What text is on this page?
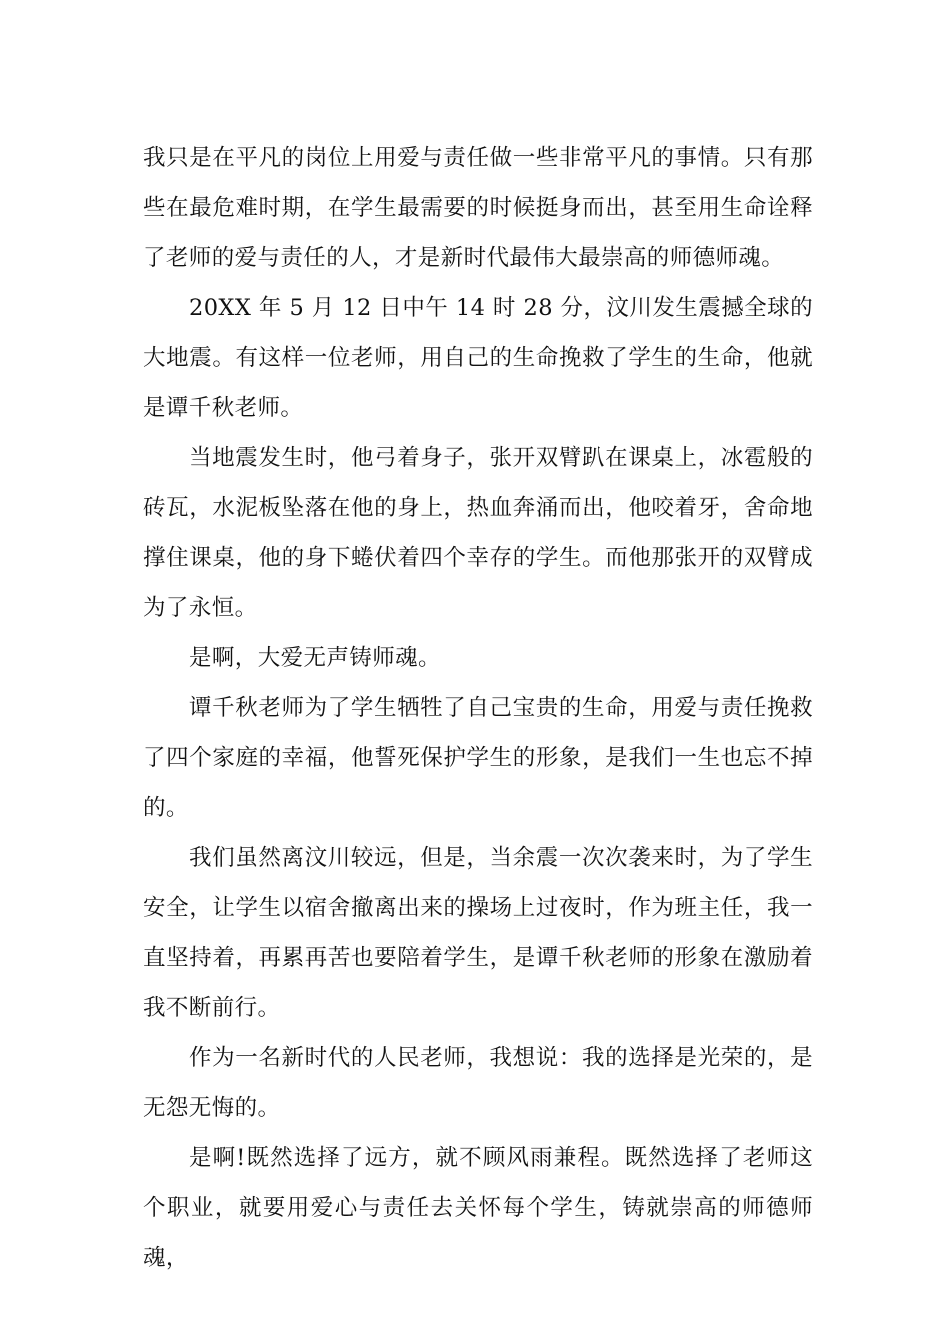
我只是在平凡的岗位上用爱与责任做一些非常平凡的事情。只有那些在最危难时期，在学生最需要的时候挺身而出，甚至用生命诠释了老师的爱与责任的人，才是新时代最伟大最崇高的师德师魂。

20XX 年 5 月 12 日中午 14 时 28 分，汶川发生震撼全球的大地震。有这样一位老师，用自己的生命挽救了学生的生命，他就是谭千秋老师。

当地震发生时，他弓着身子，张开双臂趴在课桌上，冰雹般的砖瓦，水泥板坠落在他的身上，热血奔涌而出，他咬着牙，舍命地撑住课桌，他的身下蜷伏着四个幸存的学生。而他那张开的双臂成为了永恒。

是啊，大爱无声铸师魂。

谭千秋老师为了学生牺牲了自己宝贵的生命，用爱与责任挽救了四个家庭的幸福，他誓死保护学生的形象，是我们一生也忘不掉的。

我们虽然离汶川较远，但是，当余震一次次袭来时，为了学生安全，让学生以宿舍撤离出来的操场上过夜时，作为班主任，我一直坚持着，再累再苦也要陪着学生，是谭千秋老师的形象在激励着我不断前行。

作为一名新时代的人民老师，我想说：我的选择是光荣的，是无怨无悔的。

是啊!既然选择了远方，就不顾风雨兼程。既然选择了老师这个职业，就要用爱心与责任去关怀每个学生，铸就崇高的师德师魂，
